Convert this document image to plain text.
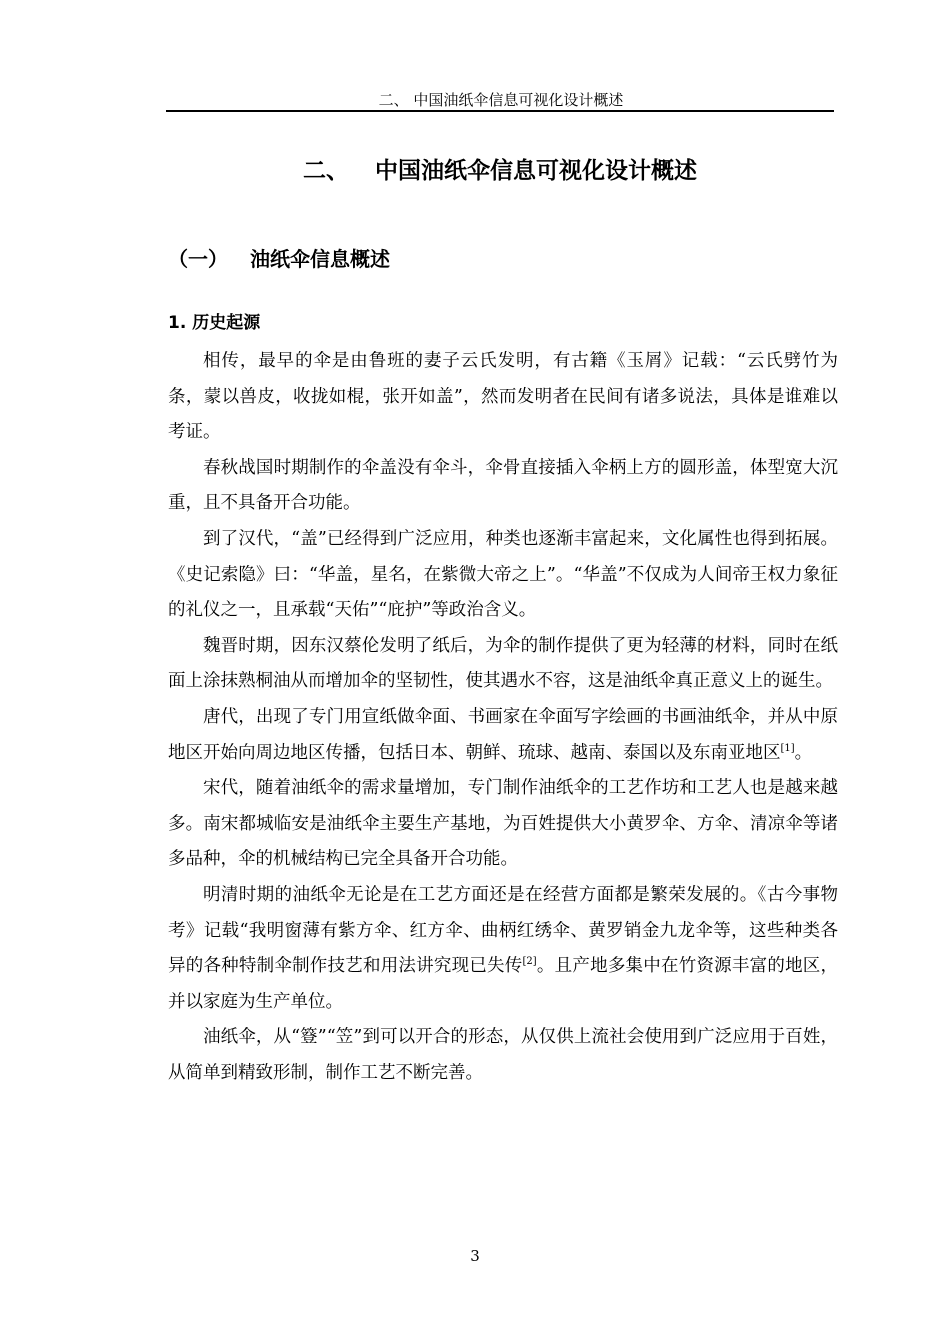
二、 中国油纸伞信息可视化设计概述
二、 中国油纸伞信息可视化设计概述
（一） 油纸伞信息概述
1. 历史起源

相传，最早的伞是由鲁班的妻子云氏发明，有古籍《玉屑》记载：“云氏劈竹为条，蒙以兽皮，收拢如棍，张开如盖”，然而发明者在民间有诸多说法，具体是谁难以考证。

春秋战国时期制作的伞盖没有伞斗，伞骨直接插入伞柄上方的圆形盖，体型宽大沉重，且不具备开合功能。

到了汉代，“盖”已经得到广泛应用，种类也逐渐丰富起来，文化属性也得到拓展。《史记索隐》曰：“华盖，星名，在紫微大帝之上”。“华盖”不仅成为人间帝王权力象征的礼仪之一，且承载“天佑”“庇护”等政治含义。

魏晋时期，因东汉蔡伦发明了纸后，为伞的制作提供了更为轻薄的材料，同时在纸面上涂抹熟桐油从而增加伞的坚韧性，使其遇水不容，这是油纸伞真正意义上的诞生。

唐代，出现了专门用宣纸做伞面、书画家在伞面写字绘画的书画油纸伞，并从中原地区开始向周边地区传播，包括日本、朝鲜、琉球、越南、泰国以及东南亚地区[1]。

宋代，随着油纸伞的需求量增加，专门制作油纸伞的工艺作坊和工艺人也是越来越多。南宋都城临安是油纸伞主要生产基地，为百姓提供大小黄罗伞、方伞、清凉伞等诸多品种，伞的机械结构已完全具备开合功能。

明清时期的油纸伞无论是在工艺方面还是在经营方面都是繁荣发展的。《古今事物考》记载“我明窗薄有紫方伞、红方伞、曲柄红绣伞、黄罗销金九龙伞等，这些种类各异的各种特制伞制作技艺和用法讲究现已失传[2]。且产地多集中在竹资源丰富的地区，并以家庭为生产单位。

油纸伞，从“簦”“笠”到可以开合的形态，从仅供上流社会使用到广泛应用于百姓，从简单到精致形制，制作工艺不断完善。

3
